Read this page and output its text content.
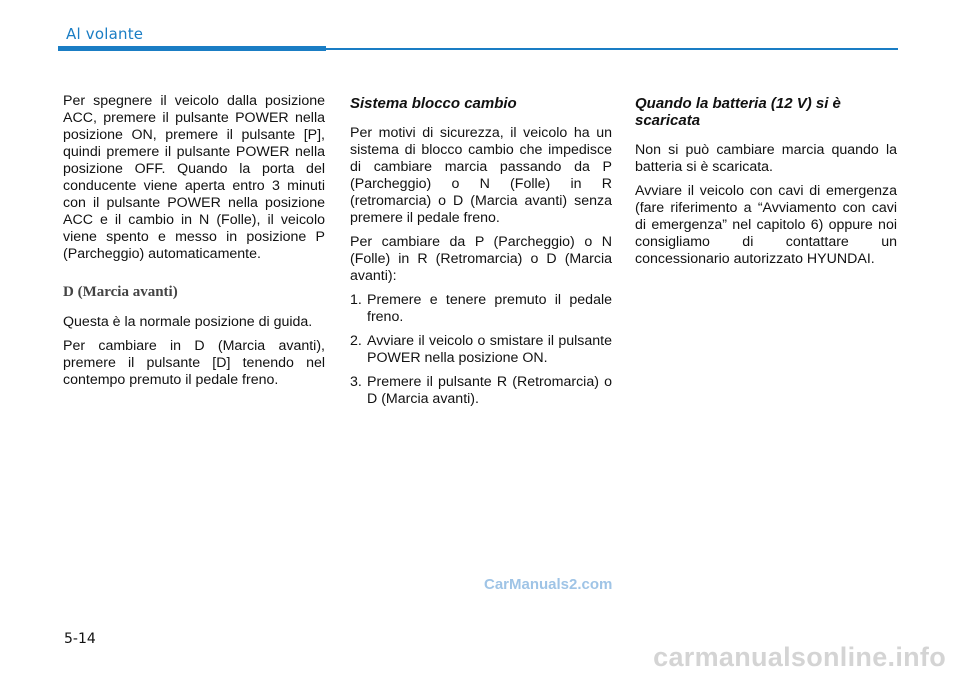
Al volante

Per spegnere il veicolo dalla posizione ACC, premere il pulsante POWER nella posizione ON, premere il pulsante [P], quindi premere il pulsante POWER nella posizione OFF. Quando la porta del conducente viene aperta entro 3 minuti con il pulsante POWER nella posizione ACC e il cambio in N (Folle), il veicolo viene spento e messo in posizione P (Parcheggio) automaticamente.

D (Marcia avanti)

Questa è la normale posizione di guida.

Per cambiare in D (Marcia avanti), premere il pulsante [D] tenendo nel contempo premuto il pedale freno.

Sistema blocco cambio

Per motivi di sicurezza, il veicolo ha un sistema di blocco cambio che impedisce di cambiare marcia passando da P (Parcheggio) o N (Folle) in R (retromarcia) o D (Marcia avanti) senza premere il pedale freno.

Per cambiare da P (Parcheggio) o N (Folle) in R (Retromarcia) o D (Marcia avanti):

1. Premere e tenere premuto il pedale freno.
2. Avviare il veicolo o smistare il pulsante POWER nella posizione ON.
3. Premere il pulsante R (Retromarcia) o D (Marcia avanti).
Quando la batteria (12 V) si è scaricata

Non si può cambiare marcia quando la batteria si è scaricata.

Avviare il veicolo con cavi di emergenza (fare riferimento a “Avviamento con cavi di emergenza” nel capitolo 6) oppure noi consigliamo di contattare un concessionario autorizzato HYUNDAI.

CarManuals2.com
5-14
carmanualsonline.info
